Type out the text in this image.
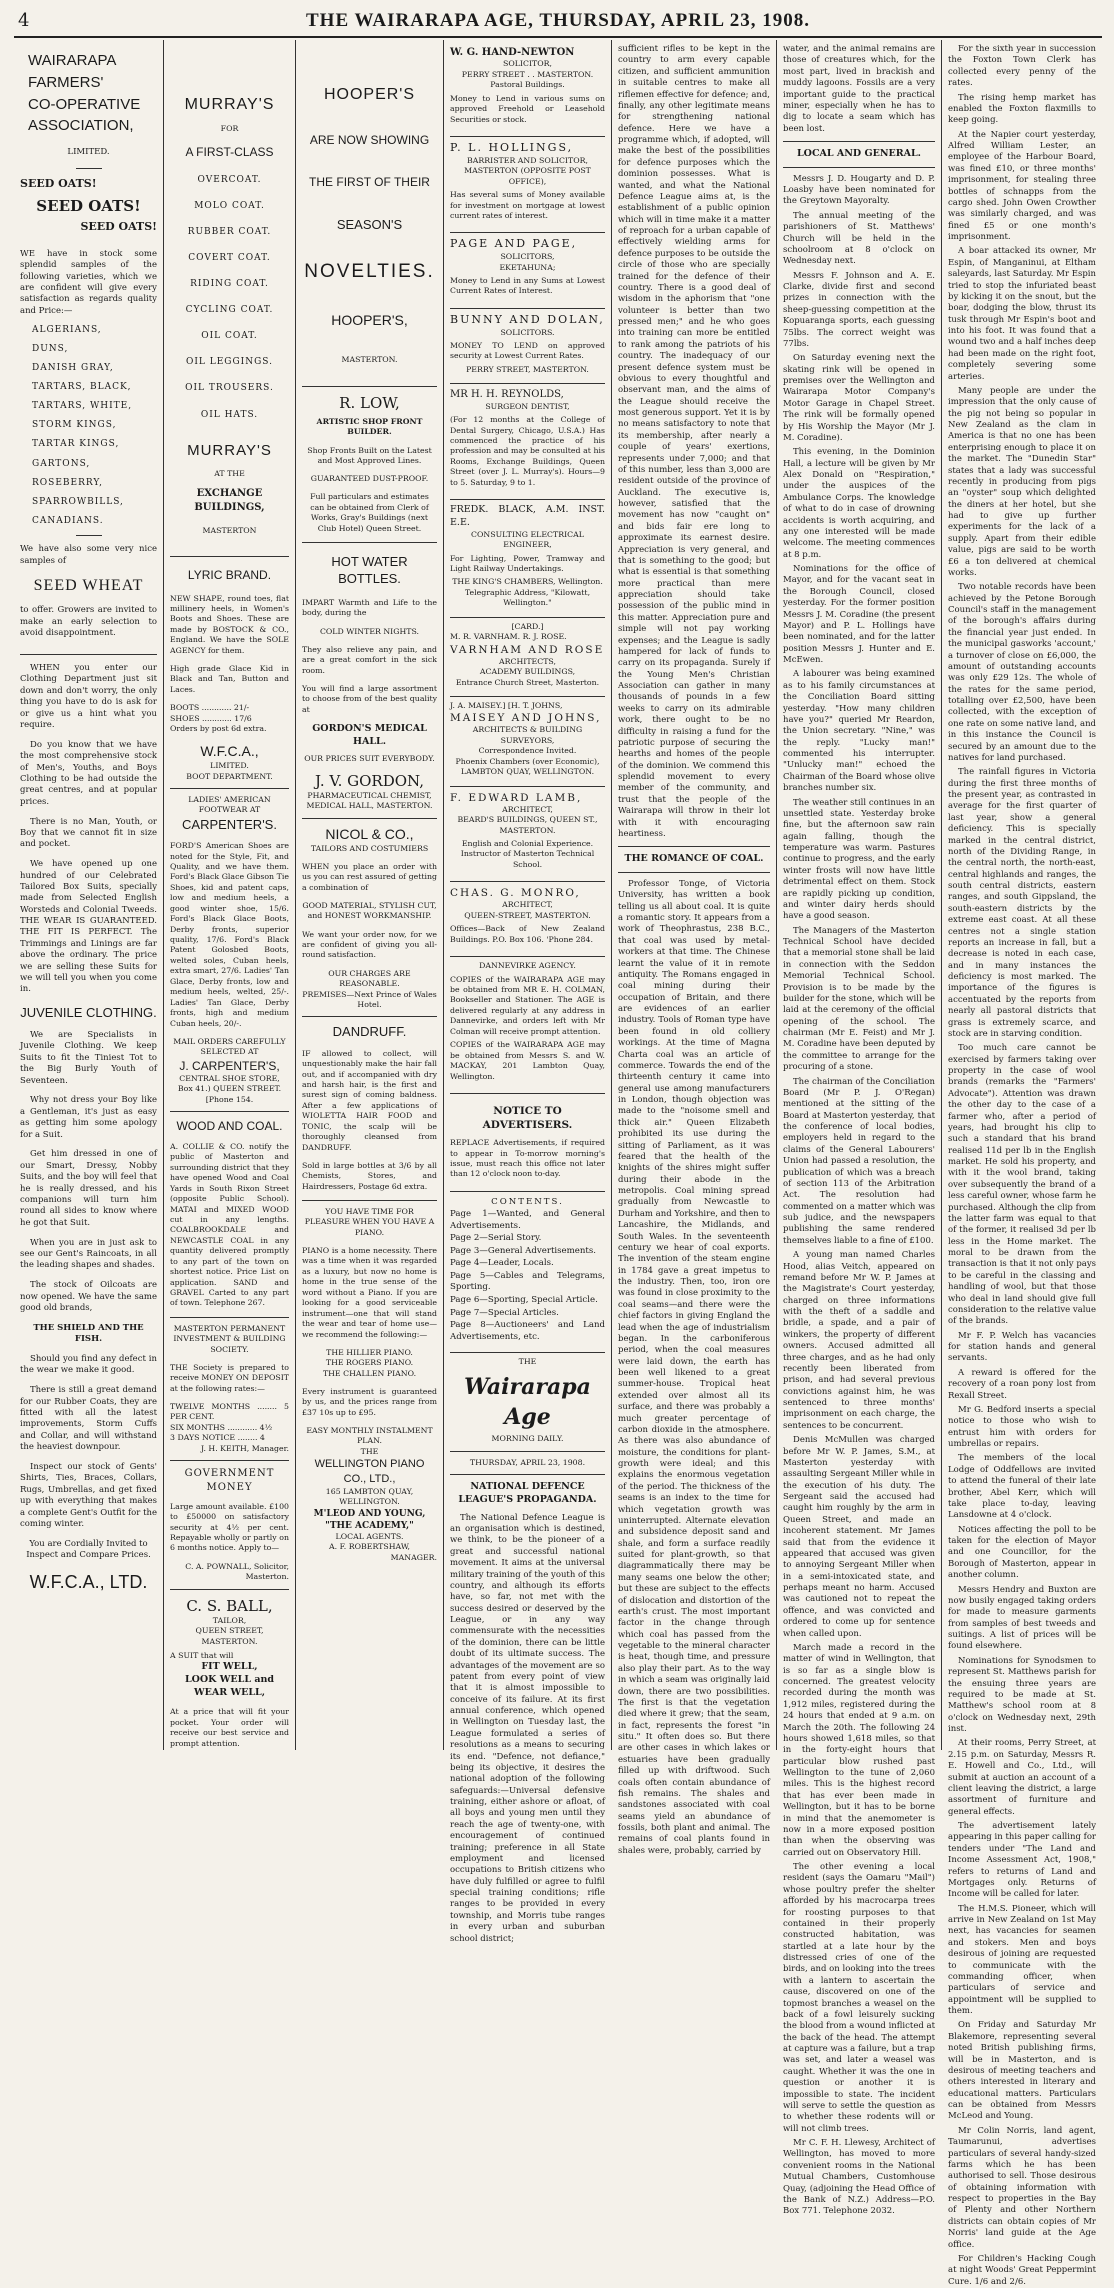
4	THE WAIRARAPA AGE, THURSDAY, APRIL 23, 1908.
WAIRARAPA
FARMERS'
CO-OPERATIVE
ASSOCIATION,
LIMITED.
SEED OATS!
SEED OATS!
SEED OATS!

WE have in stock some splendid samples of the following varieties, which we are confident will give every satisfaction as regards quality and Price:—

ALGERIANS,
DUNS,
DANISH GRAY,
TARTARS, BLACK,
TARTARS, WHITE,
STORM KINGS,
TARTAR KINGS,
GARTONS,
ROSEBERRY,
SPARROWBILLS,
CANADIANS.

We have also some very nice samples of

SEED WHEAT

to offer. Growers are invited to make an early selection to avoid disappointment.

WHEN you enter our Clothing Department just sit down and don't worry, the only thing you have to do is ask for or give us a hint what you require.

Do you know that we have the most comprehensive stock of Men's, Youths, and Boys Clothing to be had outside the great centres, and at popular prices.

There is no Man, Youth, or Boy that we cannot fit in size and pocket.

We have opened up one hundred of our Celebrated Tailored Box Suits, specially made from Selected English Worsteds and Colonial Tweeds. THE WEAR IS GUARANTEED. THE FIT IS PERFECT. The Trimmings and Linings are far above the ordinary. The price we are selling these Suits for we will tell you when you come in.

JUVENILE CLOTHING.

We are Specialists in Juvenile Clothing. We keep Suits to fit the Tiniest Tot to the Big Burly Youth of Seventeen.

Why not dress your Boy like a Gentleman, it's just as easy as getting him some apology for a Suit.

Get him dressed in one of our Smart, Dressy, Nobby Suits, and the boy will feel that he is really dressed, and his companions will turn him round all sides to know where he got that Suit.

When you are in just ask to see our Gent's Raincoats, in all the leading shapes and shades.

The stock of Oilcoats are now opened. We have the same good old brands,

THE SHIELD AND THE FISH.

Should you find any defect in the wear we make it good.

There is still a great demand for our Rubber Coats, they are fitted with all the latest improvements, Storm Cuffs and Collar, and will withstand the heaviest downpour.

Inspect our stock of Gents' Shirts, Ties, Braces, Collars, Rugs, Umbrellas, and get fixed up with everything that makes a complete Gent's Outfit for the coming winter.

You are Cordially Invited to Inspect and Compare Prices.

W.F.C.A., LTD.
MURRAY'S
FOR
A FIRST-CLASS
OVERCOAT.
MOLO COAT.
RUBBER COAT.
COVERT COAT.
RIDING COAT.
CYCLING COAT.
OIL COAT.
OIL LEGGINGS.
OIL TROUSERS.
OIL HATS.
MURRAY'S
AT THE
EXCHANGE BUILDINGS,
MASTERTON
LYRIC BRAND.

NEW SHAPE, round toes, flat millinery heels, in Women's Boots and Shoes. These are made by BOSTOCK & CO., England. We have the SOLE AGENCY for them.

High grade Glace Kid in Black and Tan, Button and Laces.

BOOTS ............ 21/-
SHOES ............ 17/6
Orders by post 6d extra.
W.F.C.A.,
LIMITED.
BOOT DEPARTMENT.
LADIES' AMERICAN FOOTWEAR AT
CARPENTER'S.

FORD'S American Shoes are noted for the Style, Fit, and Quality, and we have them. Ford's Black Glace Gibson Tie Shoes, kid and patent caps, low and medium heels, a good winter shoe, 15/6. Ford's Black Glace Boots, Derby fronts, superior quality, 17/6. Ford's Black Patent Golosbed Boots, welted soles, Cuban heels, extra smart, 27/6. Ladies' Tan Glace, Derby fronts, low and medium heels, welted, 25/-. Ladies' Tan Glace, Derby fronts, high and medium Cuban heels, 20/-.

MAIL ORDERS CAREFULLY SELECTED AT
J. CARPENTER'S,
CENTRAL SHOE STORE,
Box 41.) QUEEN STREET. [Phone 154.
WOOD AND COAL.

A. COLLIE & CO. notify the public of Masterton and surrounding district that they have opened Wood and Coal Yards in South Rixon Street (opposite Public School). MATAI and MIXED WOOD cut in any lengths. COALBROOKDALE and NEWCASTLE COAL in any quantity delivered promptly to any part of the town on shortest notice. Price List on application. SAND and GRAVEL Carted to any part of town. Telephone 267.

MASTERTON PERMANENT INVESTMENT & BUILDING SOCIETY.

THE Society is prepared to receive MONEY ON DEPOSIT at the following rates:—

TWELVE MONTHS ........ 5 PER CENT.
SIX MONTHS ............ 4½
3 DAYS NOTICE ........ 4
J. H. KEITH, Manager.
GOVERNMENT MONEY

Large amount available. £100 to £50000 on satisfactory security at 4½ per cent. Repayable wholly or partly on 6 months notice. Apply to—

C. A. POWNALL, Solicitor, Masterton.
C. S. BALL,
TAILOR,
QUEEN STREET, MASTERTON.
A SUIT that will
FIT WELL,
LOOK WELL and
WEAR WELL,

At a price that will fit your pocket. Your order will receive our best service and prompt attention.

HOOPER'S
ARE NOW SHOWING
THE FIRST OF THEIR
SEASON'S
NOVELTIES.
HOOPER'S,
MASTERTON.
R. LOW,
ARTISTIC SHOP FRONT BUILDER.

Shop Fronts Built on the Latest and Most Approved Lines.

GUARANTEED DUST-PROOF.

Full particulars and estimates can be obtained from Clerk of Works, Gray's Buildings (next Club Hotel) Queen Street.

HOT WATER BOTTLES.

IMPART Warmth and Life to the body, during the

COLD WINTER NIGHTS.

They also relieve any pain, and are a great comfort in the sick room.

You will find a large assortment to choose from of the best quality at

GORDON'S MEDICAL HALL.
OUR PRICES SUIT EVERYBODY.
J. V. GORDON,
PHARMACEUTICAL CHEMIST,
MEDICAL HALL, MASTERTON.
NICOL & CO.,
TAILORS AND COSTUMIERS

WHEN you place an order with us you can rest assured of getting a combination of

GOOD MATERIAL, STYLISH CUT, and HONEST WORKMANSHIP.

We want your order now, for we are confident of giving you all-round satisfaction.

OUR CHARGES ARE REASONABLE.
PREMISES—Next Prince of Wales Hotel.
DANDRUFF.

IF allowed to collect, will unquestionably make the hair fall out, and if accompanied with dry and harsh hair, is the first and surest sign of coming baldness. After a few applications of WIOLETTA HAIR FOOD and TONIC, the scalp will be thoroughly cleansed from DANDRUFF.

Sold in large bottles at 3/6 by all Chemists, Stores, and Hairdressers, Postage 6d extra.

YOU HAVE TIME FOR PLEASURE WHEN YOU HAVE A PIANO.

PIANO is a home necessity. There was a time when it was regarded as a luxury, but now no home is home in the true sense of the word without a Piano. If you are looking for a good serviceable instrument—one that will stand the wear and tear of home use—we recommend the following:—

THE HILLIER PIANO.
THE ROGERS PIANO.
THE CHALLEN PIANO.

Every instrument is guaranteed by us, and the prices range from £37 10s up to £95.

EASY MONTHLY INSTALMENT PLAN.
THE
WELLINGTON PIANO CO., LTD.,
165 LAMBTON QUAY, WELLINGTON.
M'LEOD AND YOUNG, "THE ACADEMY,"
LOCAL AGENTS.
A. F. ROBERTSHAW,
MANAGER.
W. G. HAND-NEWTON
SOLICITOR,
PERRY STREET . . MASTERTON.
Pastoral Buildings.

Money to Lend in various sums on approved Freehold or Leasehold Securities or stock.

P. L. HOLLINGS,
BARRISTER AND SOLICITOR,
MASTERTON (OPPOSITE POST OFFICE),

Has several sums of Money available for investment on mortgage at lowest current rates of interest.

PAGE AND PAGE,
SOLICITORS,
EKETAHUNA;

Money to Lend in any Sums at Lowest Current Rates of Interest.

BUNNY AND DOLAN,
SOLICITORS.

MONEY TO LEND on approved security at Lowest Current Rates.

PERRY STREET, MASTERTON.
MR H. H. REYNOLDS,
SURGEON DENTIST,

(For 12 months at the College of Dental Surgery, Chicago, U.S.A.) Has commenced the practice of his profession and may be consulted at his Rooms, Exchange Buildings, Queen Street (over J. L. Murray's). Hours—9 to 5. Saturday, 9 to 1.

FREDK. BLACK, A.M. INST. E.E.
CONSULTING ELECTRICAL ENGINEER,

For Lighting, Power, Tramway and Light Railway Undertakings.

THE KING'S CHAMBERS, Wellington.
Telegraphic Address, "Kilowatt, Wellington."
[CARD.]
M. R. VARNHAM. R. J. ROSE.
VARNHAM AND ROSE
ARCHITECTS,
ACADEMY BUILDINGS,
Entrance Church Street, Masterton.
J. A. MAISEY.] [H. T. JOHNS,
MAISEY AND JOHNS,
ARCHITECTS & BUILDING SURVEYORS,
Correspondence Invited.
Phoenix Chambers (over Economic), LAMBTON QUAY, WELLINGTON.
F. EDWARD LAMB,
ARCHITECT,
BEARD'S BUILDINGS, QUEEN ST., MASTERTON.

English and Colonial Experience. Instructor of Masterton Technical School.

CHAS. G. MONRO,
ARCHITECT,
QUEEN-STREET, MASTERTON.

Offices—Back of New Zealand Buildings. P.O. Box 106. 'Phone 284.

DANNEVIRKE AGENCY.

COPIES of the WAIRARAPA AGE may be obtained from MR E. H. COLMAN, Bookseller and Stationer. The AGE is delivered regularly at any address in Dannevirke, and orders left with Mr Colman will receive prompt attention.

COPIES of the WAIRARAPA AGE may be obtained from Messrs S. and W. MACKAY, 201 Lambton Quay, Wellington.

NOTICE TO ADVERTISERS.

REPLACE Advertisements, if required to appear in To-morrow morning's issue, must reach this office not later than 12 o'clock noon to-day.

CONTENTS.
Page 1—Wanted, and General Advertisements.
Page 2—Serial Story.
Page 3—General Advertisements.
Page 4—Leader, Locals.
Page 5—Cables and Telegrams, Sporting.
Page 6—Sporting, Special Article.
Page 7—Special Articles.
Page 8—Auctioneers' and Land Advertisements, etc.
THE
Wairarapa Age
MORNING DAILY.
THURSDAY, APRIL 23, 1908.
NATIONAL DEFENCE LEAGUE'S PROPAGANDA.

The National Defence League is an organisation which is destined, we think, to be the pioneer of a great and successful national movement. It aims at the universal military training of the youth of this country, and although its efforts have, so far, not met with the success desired or deserved by the League, or in any way commensurate with the necessities of the dominion, there can be little doubt of its ultimate success. The advantages of the movement are so patent from every point of view that it is almost impossible to conceive of its failure. At its first annual conference, which opened in Wellington on Tuesday last, the League formulated a series of resolutions as a means to securing its end. "Defence, not defiance," being its objective, it desires the national adoption of the following safeguards:—Universal defensive training, either ashore or afloat, of all boys and young men until they reach the age of twenty-one, with encouragement of continued training; preference in all State employment and licensed occupations to British citizens who have duly fulfilled or agree to fulfil special training conditions; rifle ranges to be provided in every township, and Morris tube ranges in every urban and suburban school district;

sufficient rifles to be kept in the country to arm every capable citizen, and sufficient ammunition in suitable centres to make all riflemen effective for defence; and, finally, any other legitimate means for strengthening national defence. Here we have a programme which, if adopted, will make the best of the possibilities for defence purposes which the dominion possesses. What is wanted, and what the National Defence League aims at, is the establishment of a public opinion which will in time make it a matter of reproach for a urban capable of effectively wielding arms for defence purposes to be outside the circle of those who are specially trained for the defence of their country. There is a good deal of wisdom in the aphorism that "one volunteer is better than two pressed men;" and he who goes into training can more be entitled to rank among the patriots of his country. The inadequacy of our present defence system must be obvious to every thoughtful and observant man, and the aims of the League should receive the most generous support. Yet it is by no means satisfactory to note that its membership, after nearly a couple of years' exertions, represents under 7,000; and that of this number, less than 3,000 are resident outside of the province of Auckland. The executive is, however, satisfied that the movement has now "caught on" and bids fair ere long to approximate its earnest desire. Appreciation is very general, and that is something to the good; but what is essential is that something more practical than mere appreciation should take possession of the public mind in this matter. Appreciation pure and simple will not pay working expenses; and the League is sadly hampered for lack of funds to carry on its propaganda. Surely if the Young Men's Christian Association can gather in many thousands of pounds in a few weeks to carry on its admirable work, there ought to be no difficulty in raising a fund for the patriotic purpose of securing the hearths and homes of the people of the dominion. We commend this splendid movement to every member of the community, and trust that the people of the Wairarapa will throw in their lot with it with encouraging heartiness.

THE ROMANCE OF COAL.

Professor Tonge, of Victoria University, has written a book telling us all about coal. It is quite a romantic story. It appears from a work of Theophrastus, 238 B.C., that coal was used by metal-workers at that time. The Chinese learnt the value of it in remote antiquity. The Romans engaged in coal mining during their occupation of Britain, and there are evidences of an earlier industry. Tools of Roman type have been found in old colliery workings. At the time of Magna Charta coal was an article of commerce. Towards the end of the thirteenth century it came into general use among manufacturers in London, though objection was made to the "noisome smell and thick air." Queen Elizabeth prohibited its use during the sitting of Parliament, as it was feared that the health of the knights of the shires might suffer during their abode in the metropolis. Coal mining spread gradually from Newcastle to Durham and Yorkshire, and then to Lancashire, the Midlands, and South Wales. In the seventeenth century we hear of coal exports. The invention of the steam engine in 1784 gave a great impetus to the industry. Then, too, iron ore was found in close proximity to the coal seams—and there were the chief factors in giving England the lead when the age of industrialism began. In the carboniferous period, when the coal measures were laid down, the earth has been well likened to a great summer-house. Tropical heat extended over almost all its surface, and there was probably a much greater percentage of carbon dioxide in the atmosphere. As there was also abundance of moisture, the conditions for plant-growth were ideal; and this explains the enormous vegetation of the period. The thickness of the seams is an index to the time for which vegetation growth was uninterrupted. Alternate elevation and subsidence deposit sand and shale, and form a surface readily suited for plant-growth, so that diagrammatically there may be many seams one below the other; but these are subject to the effects of dislocation and distortion of the earth's crust. The most important factor in the change through which coal has passed from the vegetable to the mineral character is heat, though time, and pressure also play their part. As to the way in which a seam was originally laid down, there are two possibilities. The first is that the vegetation died where it grew; that the seam, in fact, represents the forest "in situ." It often does so. But there are other cases in which lakes or estuaries have been gradually filled up with driftwood. Such coals often contain abundance of fish remains. The shales and sandstones associated with coal seams yield an abundance of fossils, both plant and animal. The remains of coal plants found in shales were, probably, carried by

water, and the animal remains are those of creatures which, for the most part, lived in brackish and muddy lagoons. Fossils are a very important guide to the practical miner, especially when he has to dig to locate a seam which has been lost.

LOCAL AND GENERAL.

Messrs J. D. Hougarty and D. P. Loasby have been nominated for the Greytown Mayoralty.

The annual meeting of the parishioners of St. Matthews' Church will be held in the schoolroom at 8 o'clock on Wednesday next.

Messrs F. Johnson and A. E. Clarke, divide first and second prizes in connection with the sheep-guessing competition at the Kopuaranga sports, each guessing 75lbs. The correct weight was 77lbs.

On Saturday evening next the skating rink will be opened in premises over the Wellington and Wairarapa Motor Company's Motor Garage in Chapel Street. The rink will be formally opened by His Worship the Mayor (Mr J. M. Coradine).

This evening, in the Dominion Hall, a lecture will be given by Mr Alex Donald on "Respiration," under the auspices of the Ambulance Corps. The knowledge of what to do in case of drowning accidents is worth acquiring, and any one interested will be made welcome. The meeting commences at 8 p.m.

Nominations for the office of Mayor, and for the vacant seat in the Borough Council, closed yesterday. For the former position Messrs J. M. Coradine (the present Mayor) and P. L. Hollings have been nominated, and for the latter position Messrs J. Hunter and E. McEwen.

A labourer was being examined as to his family circumstances at the Conciliation Board sitting yesterday. "How many children have you?" queried Mr Reardon, the Union secretary. "Nine," was the reply. "Lucky man!" commented his interrupter. "Unlucky man!" echoed the Chairman of the Board whose olive branches number six.

The weather still continues in an unsettled state. Yesterday broke fine, but the afternoon saw rain again falling, though the temperature was warm. Pastures continue to progress, and the early winter frosts will now have little detrimental effect on them. Stock are rapidly picking up condition, and winter dairy herds should have a good season.

The Managers of the Masterton Technical School have decided that a memorial stone shall be laid in connection with the Seddon Memorial Technical School. Provision is to be made by the builder for the stone, which will be laid at the ceremony of the official opening of the school. The chairman (Mr E. Feist) and Mr J. M. Coradine have been deputed by the committee to arrange for the procuring of a stone.

The chairman of the Conciliation Board (Mr P. J. O'Regan) mentioned at the sitting of the Board at Masterton yesterday, that the conference of local bodies, employers held in regard to the claims of the General Labourers' Union had passed a resolution, the publication of which was a breach of section 113 of the Arbitration Act. The resolution had commented on a matter which was sub judice, and the newspapers publishing the same rendered themselves liable to a fine of £100.

A young man named Charles Hood, alias Veitch, appeared on remand before Mr W. P. James at the Magistrate's Court yesterday, charged on three informations with the theft of a saddle and bridle, a spade, and a pair of winkers, the property of different owners. Accused admitted all three charges, and as he had only recently been liberated from prison, and had several previous convictions against him, he was sentenced to three months' imprisonment on each charge, the sentences to be concurrent.

Denis McMullen was charged before Mr W. P. James, S.M., at Masterton yesterday with assaulting Sergeant Miller while in the execution of his duty. The Sergeant said the accused had caught him roughly by the arm in Queen Street, and made an incoherent statement. Mr James said that from the evidence it appeared that accused was given to annoying Sergeant Miller when in a semi-intoxicated state, and perhaps meant no harm. Accused was cautioned not to repeat the offence, and was convicted and ordered to come up for sentence when called upon.

March made a record in the matter of wind in Wellington, that is so far as a single blow is concerned. The greatest velocity recorded during the month was 1,912 miles, registered during the 24 hours that ended at 9 a.m. on March the 20th. The following 24 hours showed 1,618 miles, so that in the forty-eight hours that particular blow rushed past Wellington to the tune of 2,060 miles. This is the highest record that has ever been made in Wellington, but it has to be borne in mind that the anemometer is now in a more exposed position than when the observing was carried out on Observatory Hill.

The other evening a local resident (says the Oamaru "Mail") whose poultry prefer the shelter afforded by his macrocarpa trees for roosting purposes to that contained in their properly constructed habitation, was startled at a late hour by the distressed cries of one of the birds, and on looking into the trees with a lantern to ascertain the cause, discovered on one of the topmost branches a weasel on the back of a fowl leisurely sucking the blood from a wound inflicted at the back of the head. The attempt at capture was a failure, but a trap was set, and later a weasel was caught. Whether it was the one in question or another it is impossible to state. The incident will serve to settle the question as to whether these rodents will or will not climb trees.

Mr C. F. H. Llewesy, Architect of Wellington, has moved to more convenient rooms in the National Mutual Chambers, Customhouse Quay, (adjoining the Head Office of the Bank of N.Z.) Address—P.O. Box 771. Telephone 2032.

For the sixth year in succession the Foxton Town Clerk has collected every penny of the rates.

The rising hemp market has enabled the Foxton flaxmills to keep going.

At the Napier court yesterday, Alfred William Lester, an employee of the Harbour Board, was fined £10, or three months' imprisonment, for stealing three bottles of schnapps from the cargo shed. John Owen Crowther was similarly charged, and was fined £5 or one month's imprisonment.

A boar attacked its owner, Mr Espin, of Manganinui, at Eltham saleyards, last Saturday. Mr Espin tried to stop the infuriated beast by kicking it on the snout, but the boar, dodging the blow, thrust its tusk through Mr Espin's boot and into his foot. It was found that a wound two and a half inches deep had been made on the right foot, completely severing some arteries.

Many people are under the impression that the only cause of the pig not being so popular in New Zealand as the clam in America is that no one has been enterprising enough to place it on the market. The "Dunedin Star" states that a lady was successful recently in producing from pigs an "oyster" soup which delighted the diners at her hotel, but she had to give up further experiments for the lack of a supply. Apart from their edible value, pigs are said to be worth £6 a ton delivered at chemical works.

Two notable records have been achieved by the Petone Borough Council's staff in the management of the borough's affairs during the financial year just ended. In the municipal gasworks 'account,' a turnover of close on £6,000, the amount of outstanding accounts was only £29 12s. The whole of the rates for the same period, totalling over £2,500, have been collected, with the exception of one rate on some native land, and in this instance the Council is secured by an amount due to the natives for land purchased.

The rainfall figures in Victoria during the first three months of the present year, as contrasted in average for the first quarter of last year, show a general deficiency. This is specially marked in the central district, north of the Dividing Range, in the central north, the north-east, central highlands and ranges, the south central districts, eastern ranges, and south Gippsland, the south-eastern districts by the extreme east coast. At all these centres not a single station reports an increase in fall, but a decrease is noted in each case, and in many instances the deficiency is most marked. The importance of the figures is accentuated by the reports from nearly all pastoral districts that grass is extremely scarce, and stock are in starving condition.

Too much care cannot be exercised by farmers taking over property in the case of wool brands (remarks the "Farmers' Advocate"). Attention was drawn the other day to the case of a farmer who, after a period of years, had brought his clip to such a standard that his brand realised 11d per lb in the English market. He sold his property, and with it the wool brand, taking over subsequently the brand of a less careful owner, whose farm he purchased. Although the clip from the latter farm was equal to that of the former, it realised 3d per lb less in the Home market. The moral to be drawn from the transaction is that it not only pays to be careful in the classing and handling of wool, but that those who deal in land should give full consideration to the relative value of the brands.

Mr F. P. Welch has vacancies for station hands and general servants.

A reward is offered for the recovery of a roan pony lost from Rexall Street.

Mr G. Bedford inserts a special notice to those who wish to entrust him with orders for umbrellas or repairs.

The members of the local Lodge of Oddfellows are invited to attend the funeral of their late brother, Abel Kerr, which will take place to-day, leaving Lansdowne at 4 o'clock.

Notices affecting the poll to be taken for the election of Mayor and one Councillor, for the Borough of Masterton, appear in another column.

Messrs Hendry and Buxton are now busily engaged taking orders for made to measure garments from samples of best tweeds and suitings. A list of prices will be found elsewhere.

Nominations for Synodsmen to represent St. Matthews parish for the ensuing three years are required to be made at St. Matthew's school room at 8 o'clock on Wednesday next, 29th inst.

At their rooms, Perry Street, at 2.15 p.m. on Saturday, Messrs R. E. Howell and Co., Ltd., will submit at auction an account of a client leaving the district, a large assortment of furniture and general effects.

The advertisement lately appearing in this paper calling for tenders under "The Land and Income Assessment Act, 1908," refers to returns of Land and Mortgages only. Returns of Income will be called for later.

The H.M.S. Pioneer, which will arrive in New Zealand on 1st May next, has vacancies for seamen and stokers. Men and boys desirous of joining are requested to communicate with the commanding officer, when particulars of service and appointment will be supplied to them.

On Friday and Saturday Mr Blakemore, representing several noted British publishing firms, will be in Masterton, and is desirous of meeting teachers and others interested in literary and educational matters. Particulars can be obtained from Messrs McLeod and Young.

Mr Colin Norris, land agent, Taumarunui, advertises particulars of several handy-sized farms which he has been authorised to sell. Those desirous of obtaining information with respect to properties in the Bay of Plenty and other Northern districts can obtain copies of Mr Norris' land guide at the Age office.

For Children's Hacking Cough at night Woods' Great Peppermint Cure. 1/6 and 2/6.
